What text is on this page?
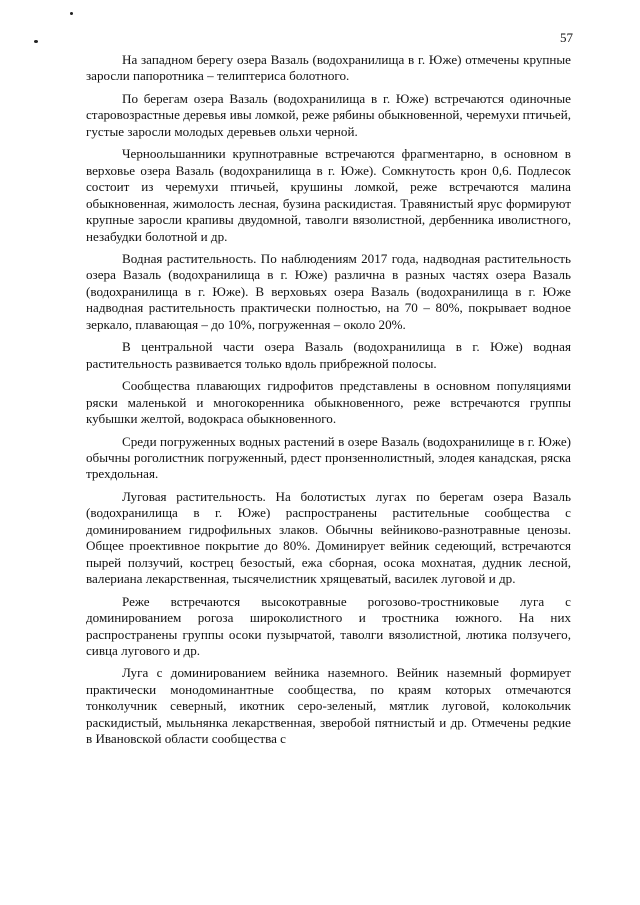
57

На западном берегу озера Вазаль (водохранилища в г. Юже) отмечены крупные заросли папоротника – телиптериса болотного.

По берегам озера Вазаль (водохранилища в г. Юже) встречаются одиночные старовозрастные деревья ивы ломкой, реже рябины обыкновенной, черемухи птичьей, густые заросли молодых деревьев ольхи черной.

Черноольшанники крупнотравные встречаются фрагментарно, в основном в верховье озера Вазаль (водохранилища в г. Юже). Сомкнутость крон 0,6. Подлесок состоит из черемухи птичьей, крушины ломкой, реже встречаются малина обыкновенная, жимолость лесная, бузина раскидистая. Травянистый ярус формируют крупные заросли крапивы двудомной, таволги вязолистной, дербенника иволистного, незабудки болотной и др.

Водная растительность. По наблюдениям 2017 года, надводная растительность озера Вазаль (водохранилища в г. Юже) различна в разных частях озера Вазаль (водохранилища в г. Юже). В верховьях озера Вазаль (водохранилища в г. Юже надводная растительность практически полностью, на 70 – 80%, покрывает водное зеркало, плавающая – до 10%, погруженная – около 20%.

В центральной части озера Вазаль (водохранилища в г. Юже) водная растительность развивается только вдоль прибрежной полосы.

Сообщества плавающих гидрофитов представлены в основном популяциями ряски маленькой и многокоренника обыкновенного, реже встречаются группы кубышки желтой, водокраса обыкновенного.

Среди погруженных водных растений в озере Вазаль (водохранилище в г. Юже) обычны роголистник погруженный, рдест пронзеннолистный, элодея канадская, ряска трехдольная.

Луговая растительность. На болотистых лугах по берегам озера Вазаль (водохранилища в г. Юже) распространены растительные сообщества с доминированием гидрофильных злаков. Обычны вейниково-разнотравные ценозы. Общее проективное покрытие до 80%. Доминирует вейник седеющий, встречаются пырей ползучий, кострец безостый, ежа сборная, осока мохнатая, дудник лесной, валериана лекарственная, тысячелистник хрящеватый, василек луговой и др.

Реже встречаются высокотравные рогозово-тростниковые луга с доминированием рогоза широколистного и тростника южного. На них распространены группы осоки пузырчатой, таволги вязолистной, лютика ползучего, сивца лугового и др.

Луга с доминированием вейника наземного. Вейник наземный формирует практически монодоминантные сообщества, по краям которых отмечаются тонколучник северный, икотник серо-зеленый, мятлик луговой, колокольчик раскидистый, мыльнянка лекарственная, зверобой пятнистый и др. Отмечены редкие в Ивановской области сообщества с
